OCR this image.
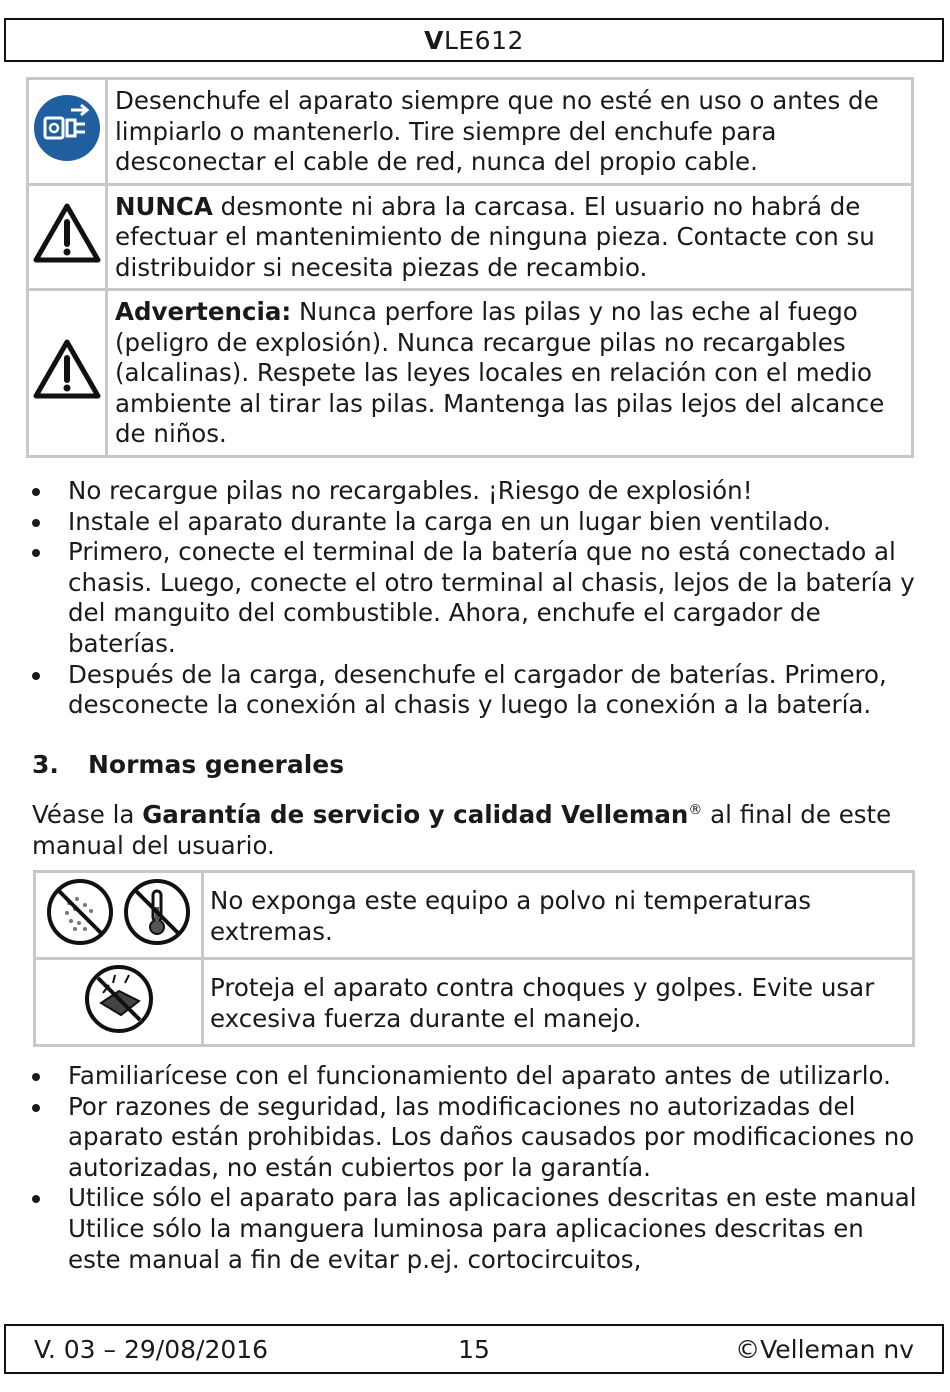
VLE612
	Desenchufe el aparato siempre que no esté en uso o antes de limpiarlo o mantenerlo. Tire siempre del enchufe para desconectar el cable de red, nunca del propio cable.
	NUNCA desmonte ni abra la carcasa. El usuario no habrá de efectuar el mantenimiento de ninguna pieza. Contacte con su distribuidor si necesita piezas de recambio.
	Advertencia: Nunca perfore las pilas y no las eche al fuego (peligro de explosión). Nunca recargue pilas no recargables (alcalinas). Respete las leyes locales en relación con el medio ambiente al tirar las pilas. Mantenga las pilas lejos del alcance de niños.
No recargue pilas no recargables. ¡Riesgo de explosión!
Instale el aparato durante la carga en un lugar bien ventilado.
Primero, conecte el terminal de la batería que no está conectado al chasis. Luego, conecte el otro terminal al chasis, lejos de la batería y del manguito del combustible. Ahora, enchufe el cargador de baterías.
Después de la carga, desenchufe el cargador de baterías. Primero, desconecte la conexión al chasis y luego la conexión a la batería.
3. Normas generales
Véase la Garantía de servicio y calidad Velleman® al final de este manual del usuario.
	No exponga este equipo a polvo ni temperaturas extremas.
	Proteja el aparato contra choques y golpes. Evite usar excesiva fuerza durante el manejo.
Familiarícese con el funcionamiento del aparato antes de utilizarlo.
Por razones de seguridad, las modificaciones no autorizadas del aparato están prohibidas. Los daños causados por modificaciones no autorizadas, no están cubiertos por la garantía.
Utilice sólo el aparato para las aplicaciones descritas en este manual Utilice sólo la manguera luminosa para aplicaciones descritas en este manual a fin de evitar p.ej. cortocircuitos,
15
V. 03 – 29/08/2016	©Velleman nv
